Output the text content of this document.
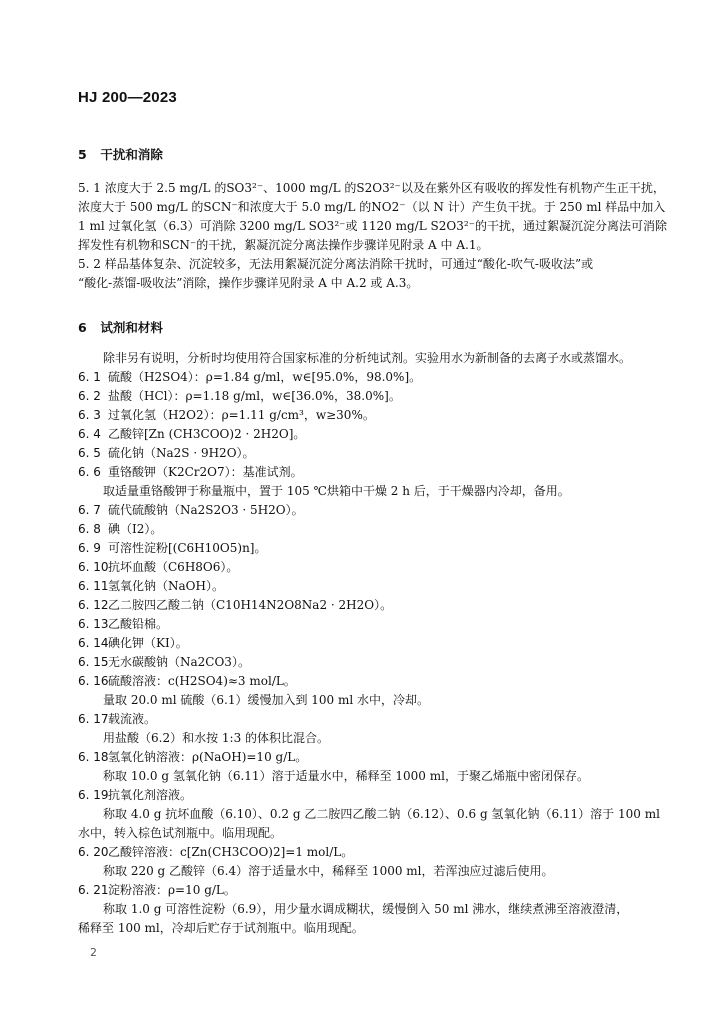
HJ 200—2023
5 干扰和消除
5. 1 浓度大于 2.5 mg/L 的SO3²⁻、1000 mg/L 的S2O3²⁻以及在紫外区有吸收的挥发性有机物产生正干扰，
浓度大于 500 mg/L 的SCN⁻和浓度大于 5.0 mg/L 的NO2⁻（以 N 计）产生负干扰。于 250 ml 样品中加入
1 ml 过氧化氢（6.3）可消除 3200 mg/L SO3²⁻或 1120 mg/L S2O3²⁻的干扰，通过絮凝沉淀分离法可消除
挥发性有机物和SCN⁻的干扰，絮凝沉淀分离法操作步骤详见附录 A 中 A.1。
5. 2 样品基体复杂、沉淀较多，无法用絮凝沉淀分离法消除干扰时，可通过“酸化-吹气-吸收法”或
“酸化-蒸馏-吸收法”消除，操作步骤详见附录 A 中 A.2 或 A.3。
6 试剂和材料
除非另有说明，分析时均使用符合国家标准的分析纯试剂。实验用水为新制备的去离子水或蒸馏水。
6. 1 硫酸（H2SO4）：ρ=1.84 g/ml，w∈[95.0%，98.0%]。
6. 2 盐酸（HCl）：ρ=1.18 g/ml，w∈[36.0%，38.0%]。
6. 3 过氧化氢（H2O2）：ρ=1.11 g/cm³，w≥30%。
6. 4 乙酸锌[Zn (CH3COO)2 · 2H2O]。
6. 5 硫化钠（Na2S · 9H2O）。
6. 6 重铬酸钾（K2Cr2O7）：基准试剂。
取适量重铬酸钾于称量瓶中，置于 105 ℃烘箱中干燥 2 h 后，于干燥器内冷却，备用。
6. 7 硫代硫酸钠（Na2S2O3 · 5H2O）。
6. 8 碘（I2）。
6. 9 可溶性淀粉[(C6H10O5)n]。
6. 10抗坏血酸（C6H8O6）。
6. 11氢氧化钠（NaOH）。
6. 12乙二胺四乙酸二钠（C10H14N2O8Na2 · 2H2O）。
6. 13乙酸铅棉。
6. 14碘化钾（KI）。
6. 15无水碳酸钠（Na2CO3）。
6. 16硫酸溶液：c(H2SO4)≈3 mol/L。
量取 20.0 ml 硫酸（6.1）缓慢加入到 100 ml 水中，冷却。
6. 17载流液。
用盐酸（6.2）和水按 1:3 的体积比混合。
6. 18氢氧化钠溶液：ρ(NaOH)=10 g/L。
称取 10.0 g 氢氧化钠（6.11）溶于适量水中，稀释至 1000 ml，于聚乙烯瓶中密闭保存。
6. 19抗氧化剂溶液。
称取 4.0 g 抗坏血酸（6.10）、0.2 g 乙二胺四乙酸二钠（6.12）、0.6 g 氢氧化钠（6.11）溶于 100 ml
水中，转入棕色试剂瓶中。临用现配。
6. 20乙酸锌溶液：c[Zn(CH3COO)2]=1 mol/L。
称取 220 g 乙酸锌（6.4）溶于适量水中，稀释至 1000 ml，若浑浊应过滤后使用。
6. 21淀粉溶液：ρ=10 g/L。
称取 1.0 g 可溶性淀粉（6.9），用少量水调成糊状，缓慢倒入 50 ml 沸水，继续煮沸至溶液澄清，
稀释至 100 ml，冷却后贮存于试剂瓶中。临用现配。
2
